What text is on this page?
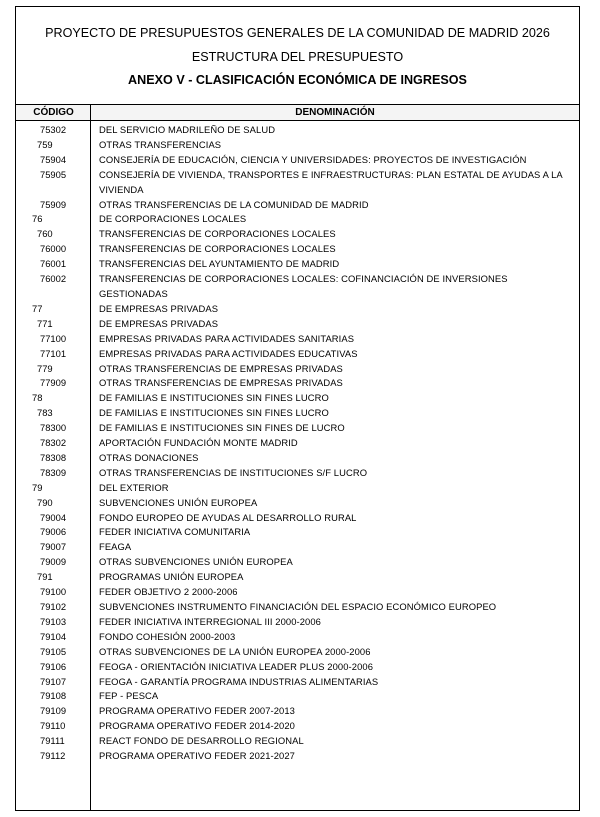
PROYECTO DE PRESUPUESTOS GENERALES DE LA COMUNIDAD DE MADRID 2026
ESTRUCTURA DEL PRESUPUESTO
ANEXO V - CLASIFICACIÓN ECONÓMICA DE INGRESOS
CÓDIGO	DENOMINACIÓN
75302	DEL SERVICIO MADRILEÑO DE SALUD
759	OTRAS TRANSFERENCIAS
75904	CONSEJERÍA DE EDUCACIÓN, CIENCIA Y UNIVERSIDADES: PROYECTOS DE INVESTIGACIÓN
75905	CONSEJERÍA DE VIVIENDA, TRANSPORTES E INFRAESTRUCTURAS: PLAN ESTATAL DE AYUDAS A LA VIVIENDA
75909	OTRAS TRANSFERENCIAS DE LA COMUNIDAD DE MADRID
76	DE CORPORACIONES LOCALES
760	TRANSFERENCIAS DE CORPORACIONES LOCALES
76000	TRANSFERENCIAS DE CORPORACIONES LOCALES
76001	TRANSFERENCIAS DEL AYUNTAMIENTO DE MADRID
76002	TRANSFERENCIAS DE CORPORACIONES LOCALES: COFINANCIACIÓN DE INVERSIONES GESTIONADAS
77	DE EMPRESAS PRIVADAS
771	DE EMPRESAS PRIVADAS
77100	EMPRESAS PRIVADAS PARA ACTIVIDADES SANITARIAS
77101	EMPRESAS PRIVADAS PARA ACTIVIDADES EDUCATIVAS
779	OTRAS TRANSFERENCIAS DE EMPRESAS PRIVADAS
77909	OTRAS TRANSFERENCIAS DE EMPRESAS PRIVADAS
78	DE FAMILIAS E INSTITUCIONES SIN FINES LUCRO
783	DE FAMILIAS E INSTITUCIONES SIN FINES LUCRO
78300	DE FAMILIAS E INSTITUCIONES SIN FINES DE LUCRO
78302	APORTACIÓN FUNDACIÓN MONTE MADRID
78308	OTRAS DONACIONES
78309	OTRAS TRANSFERENCIAS DE INSTITUCIONES S/F LUCRO
79	DEL EXTERIOR
790	SUBVENCIONES UNIÓN EUROPEA
79004	FONDO EUROPEO DE AYUDAS AL DESARROLLO RURAL
79006	FEDER INICIATIVA COMUNITARIA
79007	FEAGA
79009	OTRAS SUBVENCIONES UNIÓN EUROPEA
791	PROGRAMAS UNIÓN EUROPEA
79100	FEDER OBJETIVO 2 2000-2006
79102	SUBVENCIONES INSTRUMENTO FINANCIACIÓN DEL ESPACIO ECONÓMICO EUROPEO
79103	FEDER INICIATIVA INTERREGIONAL III 2000-2006
79104	FONDO COHESIÓN 2000-2003
79105	OTRAS SUBVENCIONES DE LA UNIÓN EUROPEA 2000-2006
79106	FEOGA - ORIENTACIÓN INICIATIVA LEADER PLUS 2000-2006
79107	FEOGA - GARANTÍA PROGRAMA INDUSTRIAS ALIMENTARIAS
79108	FEP - PESCA
79109	PROGRAMA OPERATIVO FEDER 2007-2013
79110	PROGRAMA OPERATIVO FEDER 2014-2020
79111	REACT FONDO DE DESARROLLO REGIONAL
79112	PROGRAMA OPERATIVO FEDER 2021-2027
